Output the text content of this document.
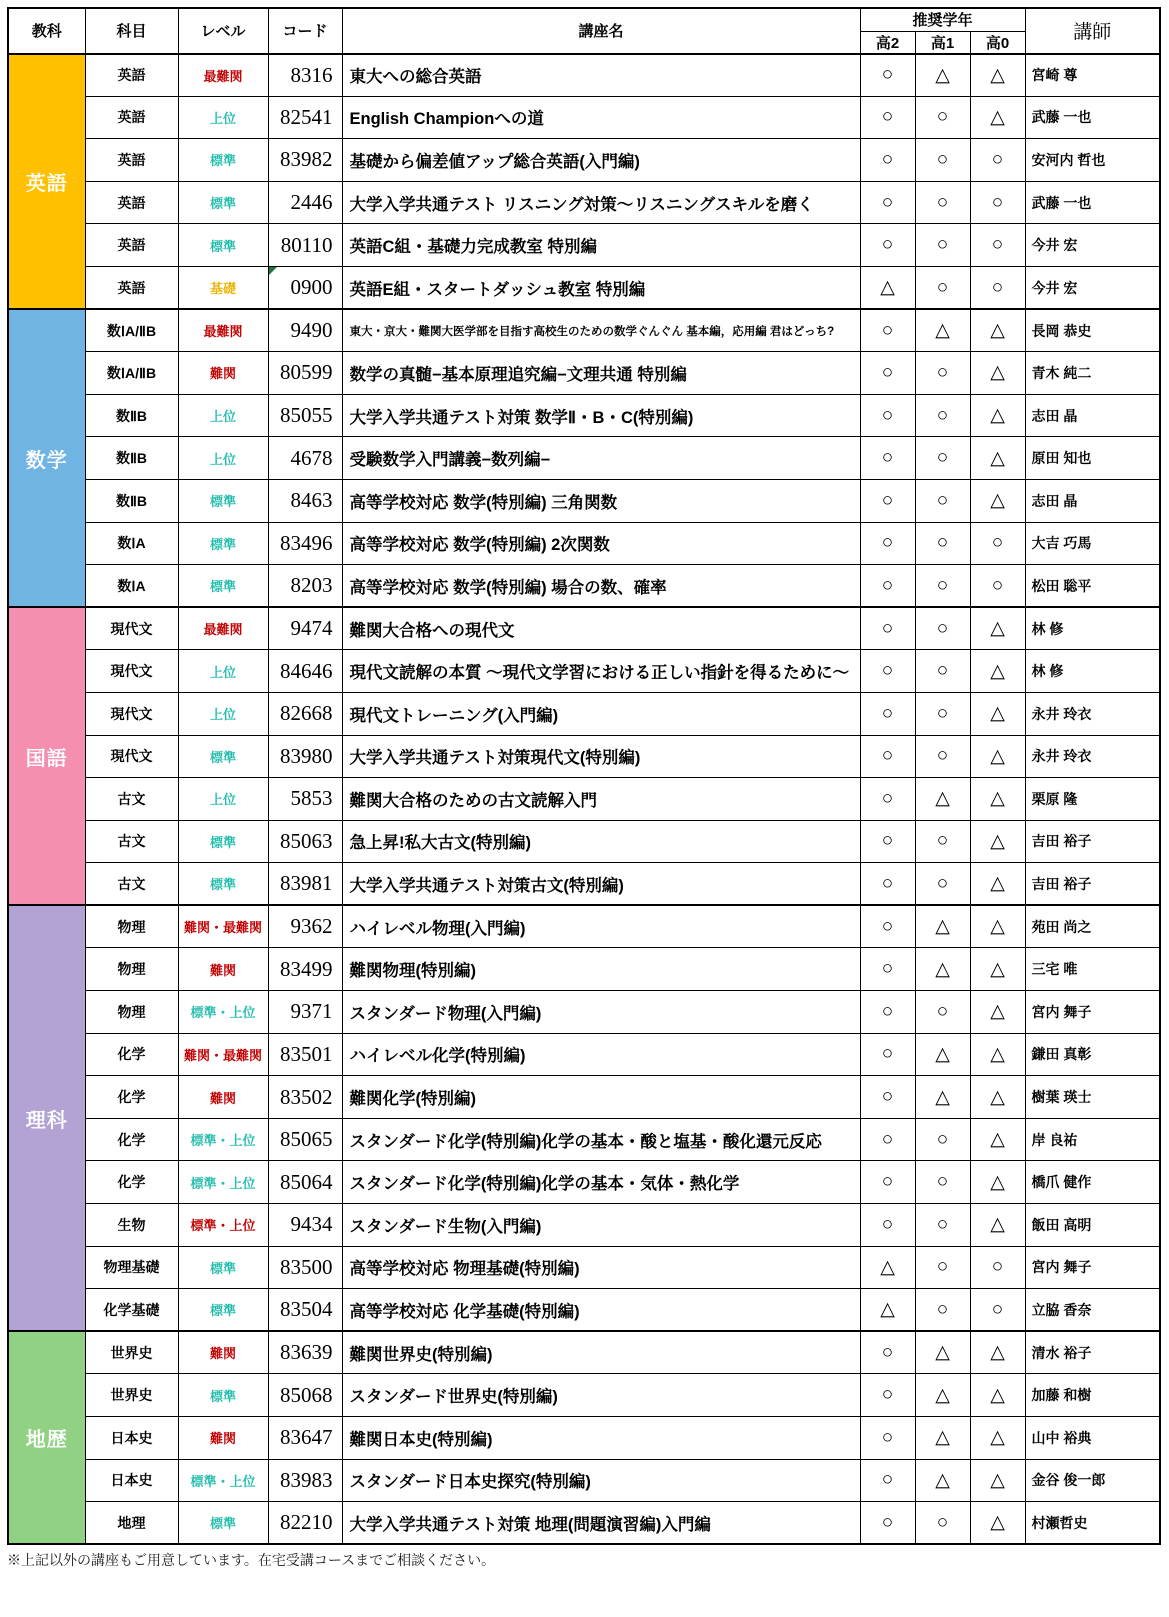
教科	科目	レベル	コード	講座名	推奨学年			講師
					高2	高1	高0	
英語	英語	最難関	8316	東大への総合英語	○	△	△	宮崎 尊
	英語	上位	82541	English Championへの道	○	○	△	武藤 一也
	英語	標準	83982	基礎から偏差値アップ総合英語(入門編)	○	○	○	安河内 哲也
	英語	標準	2446	大学入学共通テスト リスニング対策〜リスニングスキルを磨く	○	○	○	武藤 一也
	英語	標準	80110	英語C組・基礎力完成教室 特別編	○	○	○	今井 宏
	英語	基礎	0900	英語E組・スタートダッシュ教室 特別編	△	○	○	今井 宏
数学	数ⅠA/ⅡB	最難関	9490	東大・京大・難関大医学部を目指す高校生のための数学ぐんぐん 基本編，応用編 君はどっち?	○	△	△	長岡 恭史
	数ⅠA/ⅡB	難関	80599	数学の真髄−基本原理追究編−文理共通 特別編	○	○	△	青木 純二
	数ⅡB	上位	85055	大学入学共通テスト対策 数学Ⅱ・B・C(特別編)	○	○	△	志田 晶
	数ⅡB	上位	4678	受験数学入門講義−数列編−	○	○	△	原田 知也
	数ⅡB	標準	8463	高等学校対応 数学(特別編) 三角関数	○	○	△	志田 晶
	数ⅠA	標準	83496	高等学校対応 数学(特別編) 2次関数	○	○	○	大吉 巧馬
	数ⅠA	標準	8203	高等学校対応 数学(特別編) 場合の数、確率	○	○	○	松田 聡平
国語	現代文	最難関	9474	難関大合格への現代文	○	○	△	林 修
	現代文	上位	84646	現代文読解の本質 〜現代文学習における正しい指針を得るために〜	○	○	△	林 修
	現代文	上位	82668	現代文トレーニング(入門編)	○	○	△	永井 玲衣
	現代文	標準	83980	大学入学共通テスト対策現代文(特別編)	○	○	△	永井 玲衣
	古文	上位	5853	難関大合格のための古文読解入門	○	△	△	栗原 隆
	古文	標準	85063	急上昇!私大古文(特別編)	○	○	△	吉田 裕子
	古文	標準	83981	大学入学共通テスト対策古文(特別編)	○	○	△	吉田 裕子
理科	物理	難関・最難関	9362	ハイレベル物理(入門編)	○	△	△	苑田 尚之
	物理	難関	83499	難関物理(特別編)	○	△	△	三宅 唯
	物理	標準・上位	9371	スタンダード物理(入門編)	○	○	△	宮内 舞子
	化学	難関・最難関	83501	ハイレベル化学(特別編)	○	△	△	鎌田 真彰
	化学	難関	83502	難関化学(特別編)	○	△	△	樹葉 瑛士
	化学	標準・上位	85065	スタンダード化学(特別編)化学の基本・酸と塩基・酸化還元反応	○	○	△	岸 良祐
	化学	標準・上位	85064	スタンダード化学(特別編)化学の基本・気体・熱化学	○	○	△	橋爪 健作
	生物	標準・上位	9434	スタンダード生物(入門編)	○	○	△	飯田 高明
	物理基礎	標準	83500	高等学校対応 物理基礎(特別編)	△	○	○	宮内 舞子
	化学基礎	標準	83504	高等学校対応 化学基礎(特別編)	△	○	○	立脇 香奈
地歴	世界史	難関	83639	難関世界史(特別編)	○	△	△	清水 裕子
	世界史	標準	85068	スタンダード世界史(特別編)	○	△	△	加藤 和樹
	日本史	難関	83647	難関日本史(特別編)	○	△	△	山中 裕典
	日本史	標準・上位	83983	スタンダード日本史探究(特別編)	○	△	△	金谷 俊一郎
	地理	標準	82210	大学入学共通テスト対策 地理(問題演習編)入門編	○	○	△	村瀬哲史
※上記以外の講座もご用意しています。在宅受講コースまでご相談ください。
